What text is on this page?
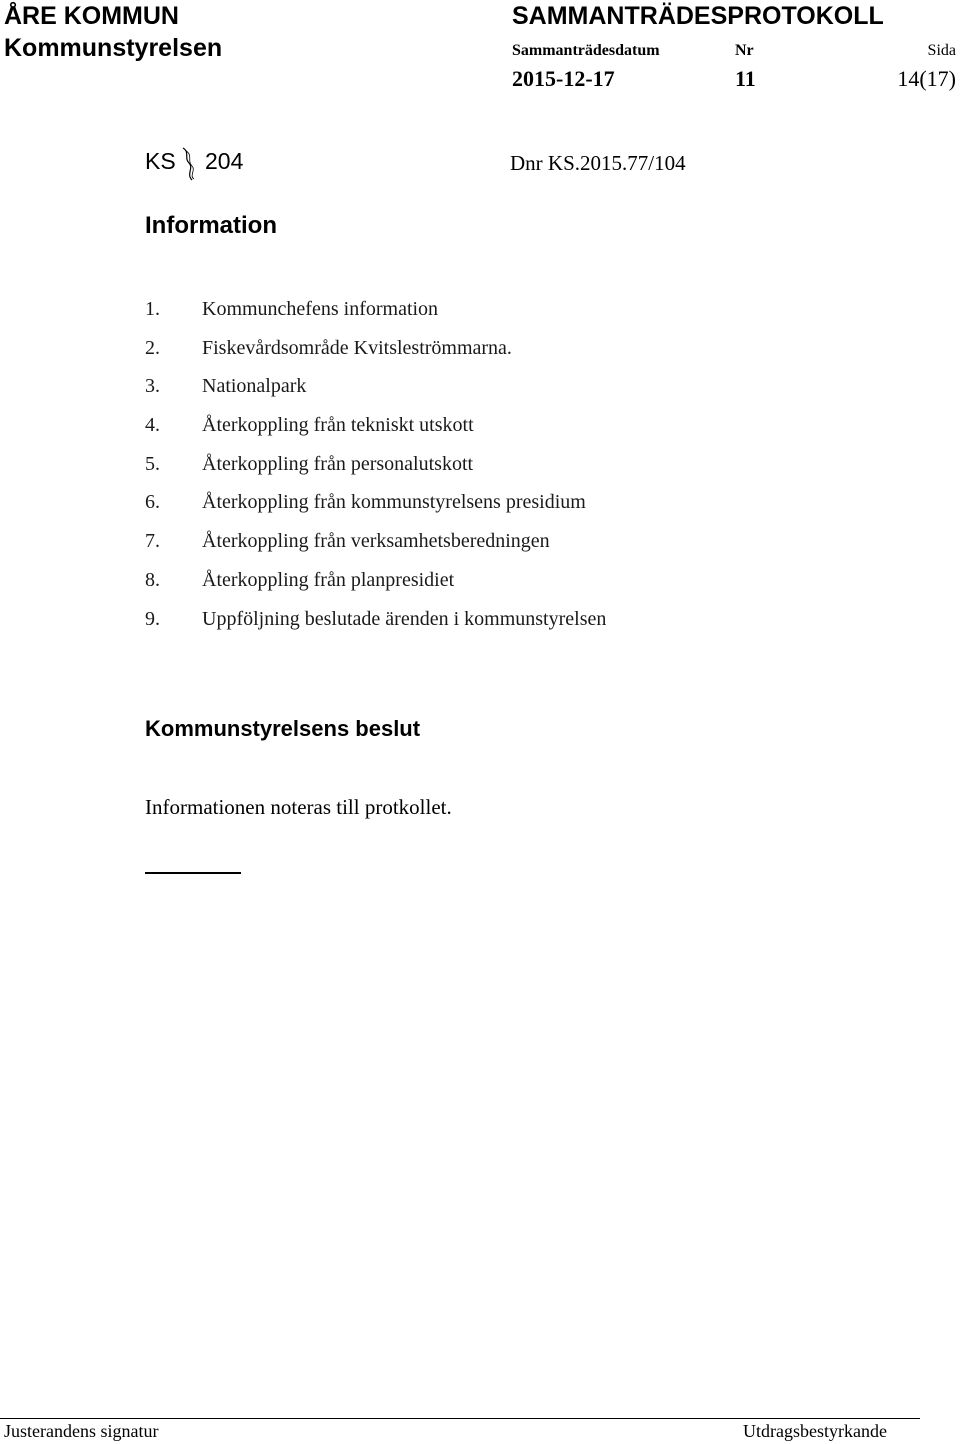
ÅRE KOMMUN
Kommunstyrelsen
SAMMANTRÄDESPROTOKOLL
Sammanträdesdatum	Nr	Sida
2015-12-17	11	14(17)
KS 204	Dnr KS.2015.77/104
Information
1. Kommunchefens information
2. Fiskevårdsområde Kvitsleströmmarna.
3. Nationalpark
4. Återkoppling från tekniskt utskott
5. Återkoppling från personalutskott
6. Återkoppling från kommunstyrelsens presidium
7. Återkoppling från verksamhetsberedningen
8. Återkoppling från planpresidiet
9. Uppföljning beslutade ärenden i kommunstyrelsen
Kommunstyrelsens beslut
Informationen noteras till protkollet.
Justerandens signatur	Utdragsbestyrkande
